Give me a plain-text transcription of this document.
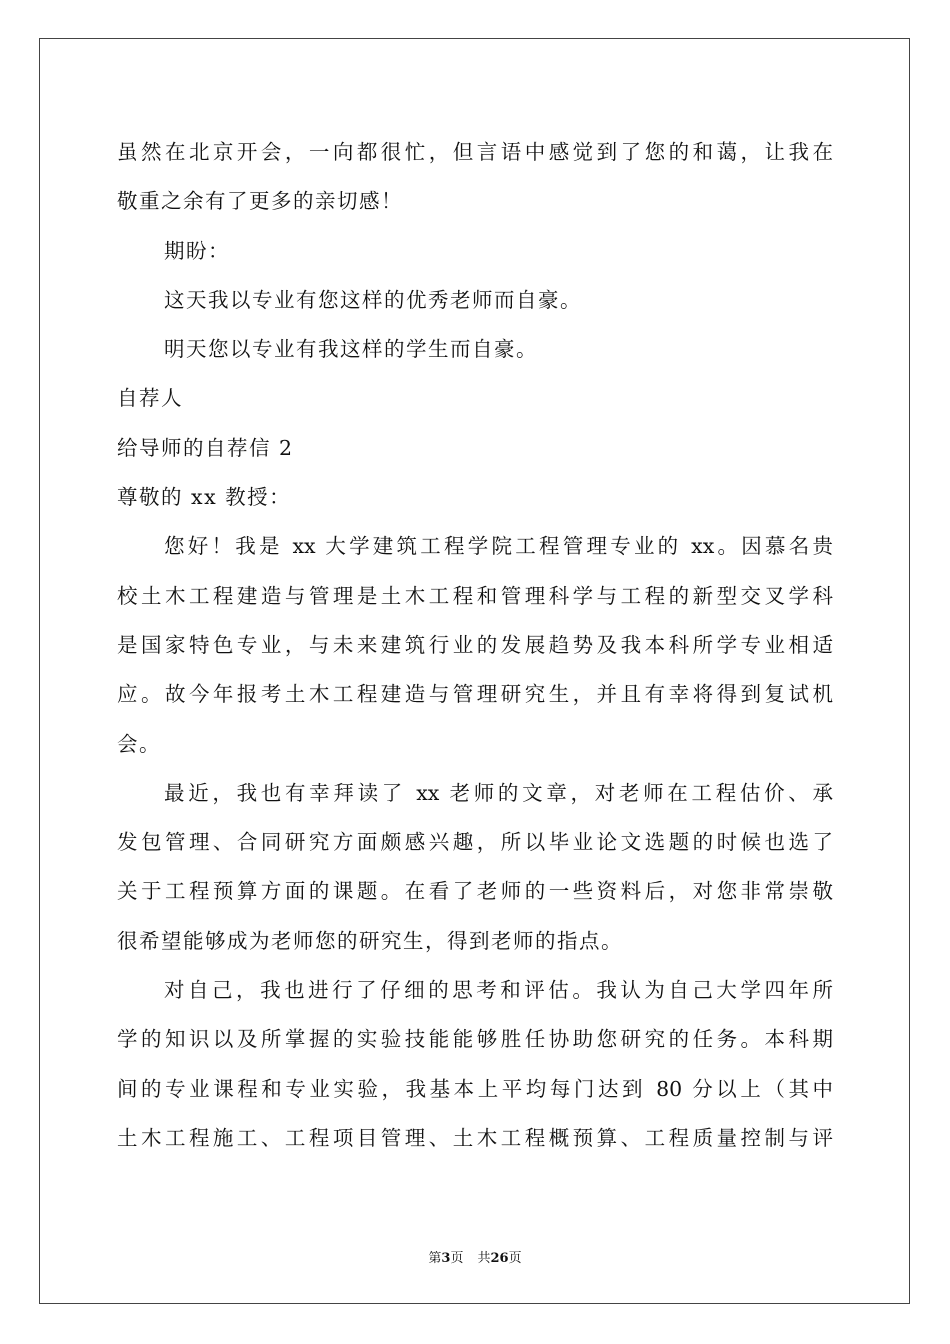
虽然在北京开会，一向都很忙，但言语中感觉到了您的和蔼，让我在
敬重之余有了更多的亲切感！
期盼：
这天我以专业有您这样的优秀老师而自豪。
明天您以专业有我这样的学生而自豪。
自荐人
给导师的自荐信 2
尊敬的 xx 教授：
您好！我是 xx 大学建筑工程学院工程管理专业的 xx。因慕名贵
校土木工程建造与管理是土木工程和管理科学与工程的新型交叉学科
是国家特色专业，与未来建筑行业的发展趋势及我本科所学专业相适
应。故今年报考土木工程建造与管理研究生，并且有幸将得到复试机
会。
最近，我也有幸拜读了 xx 老师的文章，对老师在工程估价、承
发包管理、合同研究方面颇感兴趣，所以毕业论文选题的时候也选了
关于工程预算方面的课题。在看了老师的一些资料后，对您非常崇敬
很希望能够成为老师您的研究生，得到老师的指点。
对自己，我也进行了仔细的思考和评估。我认为自己大学四年所
学的知识以及所掌握的实验技能能够胜任协助您研究的任务。本科期
间的专业课程和专业实验，我基本上平均每门达到 80 分以上（其中
土木工程施工、工程项目管理、土木工程概预算、工程质量控制与评
第3页 共26页
